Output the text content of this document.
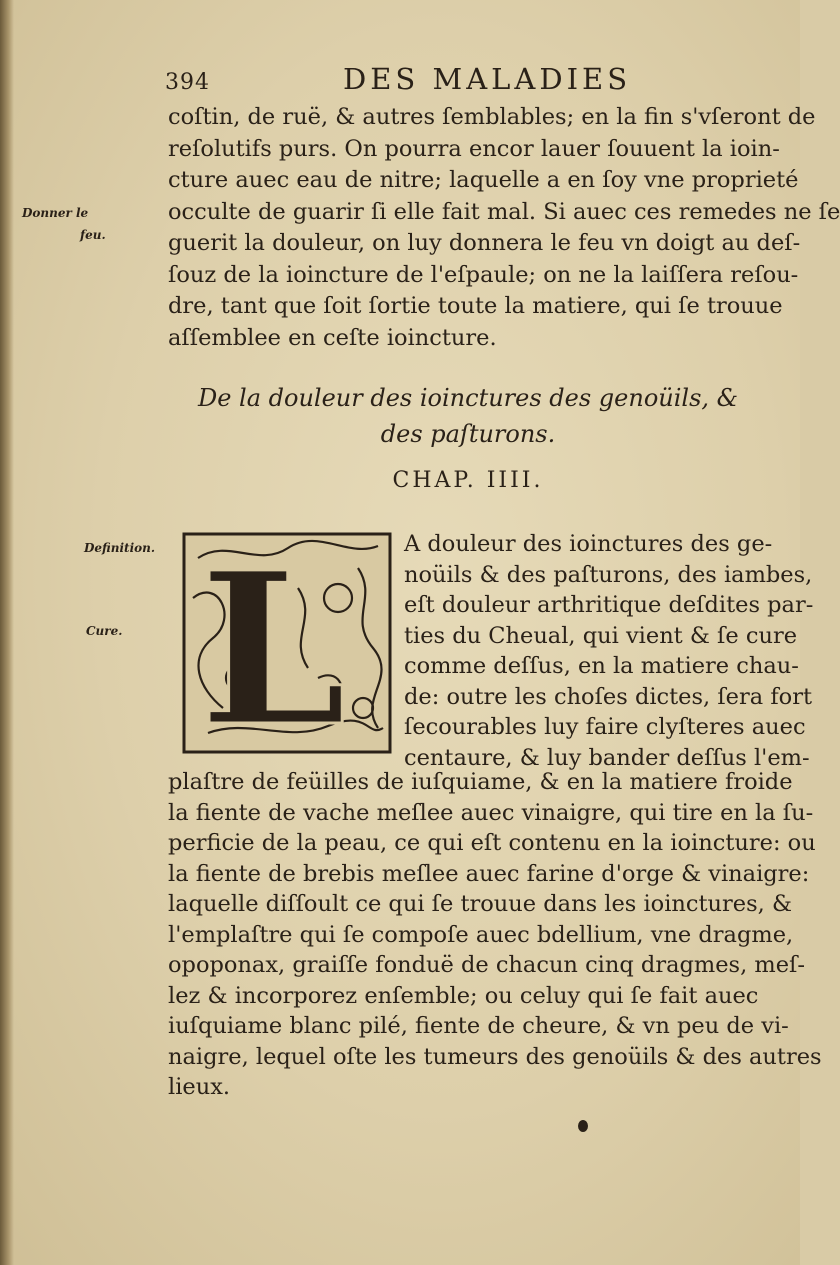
394	DES MALADIES
coſtin, de ruë, & autres ſemblables; en la fin s'vſeront de
reſolutifs purs. On pourra encor lauer ſouuent la ioin-
cture auec eau de nitre; laquelle a en ſoy vne proprieté
occulte de guarir ſi elle fait mal. Si auec ces remedes ne ſe
guerit la douleur, on luy donnera le feu vn doigt au deſ-
ſouz de la ioincture de l'eſpaule; on ne la laiſſera reſou-
dre, tant que ſoit ſortie toute la matiere, qui ſe trouue
aſſemblee en ceſte ioincture.
Donner le
feu.
De la douleur des ioinctures des genoüils, &
des paſturons.
CHAP. IIII.
Definition.
Cure. L	A douleur des ioinctures des ge-
noüils & des paſturons, des iambes,
eſt douleur arthritique deſdites par-
ties du Cheual, qui vient & ſe cure
comme deſſus, en la matiere chau-
de: outre les choſes dictes, ſera fort
ſecourables luy faire clyſteres auec
centaure, & luy bander deſſus l'em-
plaſtre de feüilles de iuſquiame, & en la matiere froide
la fiente de vache meſlee auec vinaigre, qui tire en la ſu-
perficie de la peau, ce qui eſt contenu en la ioincture: ou
la fiente de brebis meſlee auec farine d'orge & vinaigre:
laquelle diſſoult ce qui ſe trouue dans les ioinctures, &
l'emplaſtre qui ſe compoſe auec bdellium, vne dragme,
opoponax, graiſſe fonduë de chacun cinq dragmes, meſ-
lez & incorporez enſemble; ou celuy qui ſe fait auec
iuſquiame blanc pilé, fiente de cheure, & vn peu de vi-
naigre, lequel oſte les tumeurs des genoüils & des autres
lieux.
